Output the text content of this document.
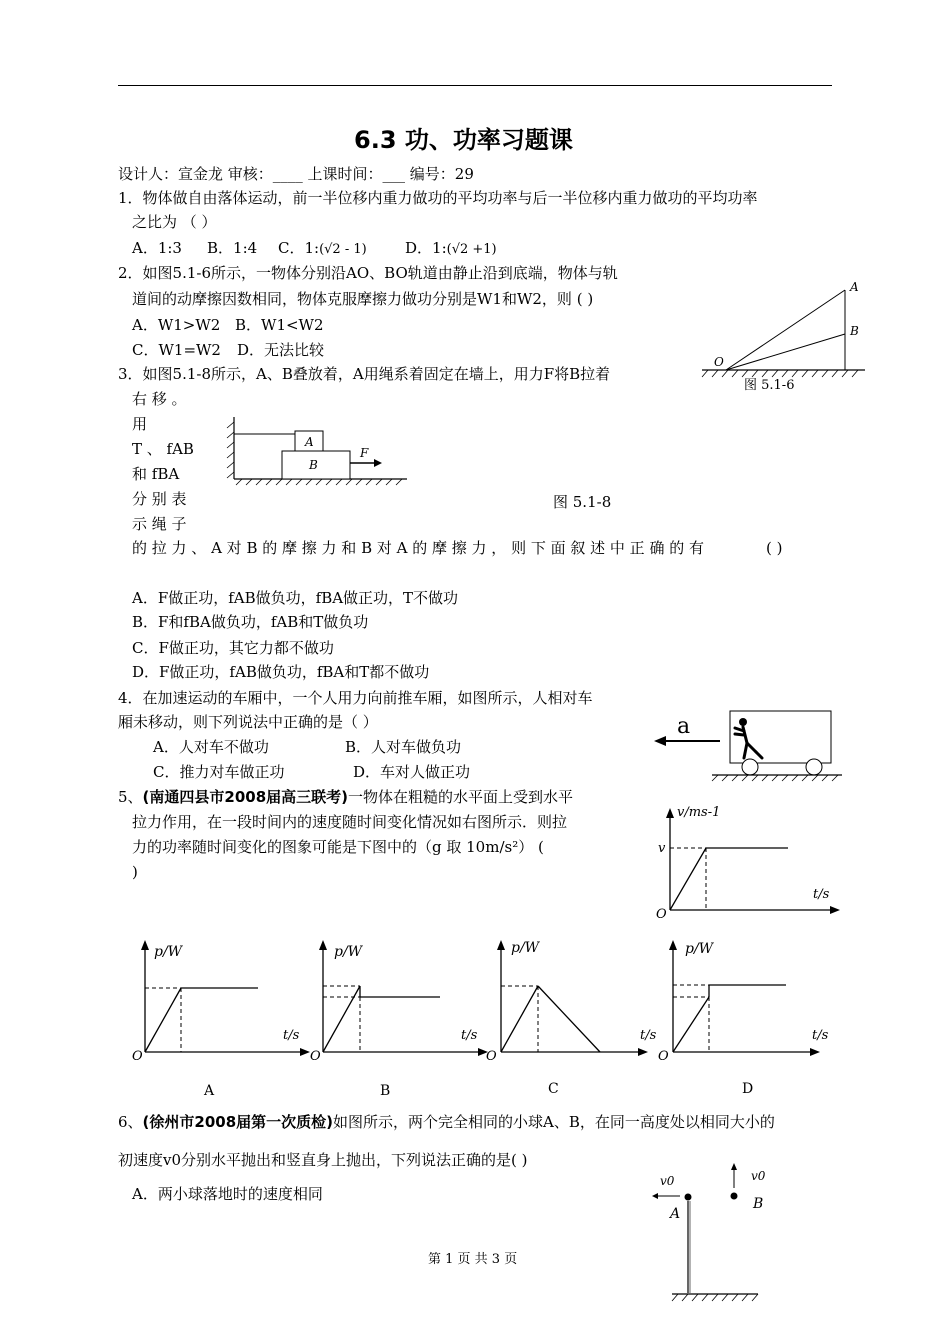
6.3 功、功率习题课
设计人：宣金龙 审核：____ 上课时间：___ 编号：29
1．物体做自由落体运动，前一半位移内重力做功的平均功率与后一半位移内重力做功的平均功率
之比为 （ ）
A．1:3 B．1:4 C．1:(√2 - 1)	D．1:(√2 +1)
2．如图5.1-6所示，一物体分别沿AO、BO轨道由静止沿到底端，物体与轨
道间的动摩擦因数相同，物体克服摩擦力做功分别是W1和W2，则 ( )
A．W1>W2 B．W1<W2
C．W1=W2 D．无法比较
A
B
O
图 5.1-6
3．如图5.1-8所示，A、B叠放着，A用绳系着固定在墙上，用力F将B拉着
右 移 。
用
T 、 fAB
和 fBA
分 别 表
示 绳 子
的 拉 力 、 A 对 B 的 摩 擦 力 和 B 对 A 的 摩 擦 力 ， 则 下 面 叙 述 中 正 确 的 有	( )
图 5.1-8
A
B
F
A．F做正功，fAB做负功，fBA做正功，T不做功
B．F和fBA做负功，fAB和T做负功
C．F做正功，其它力都不做功
D．F做正功，fAB做负功，fBA和T都不做功
4．在加速运动的车厢中，一个人用力向前推车厢，如图所示，人相对车
厢未移动，则下列说法中正确的是（ ）
A．人对车不做功	B．人对车做负功
C．推力对车做正功	D．车对人做正功
a
5、(南通四县市2008届高三联考)一物体在粗糙的水平面上受到水平
拉力作用，在一段时间内的速度随时间变化情况如右图所示．则拉
力的功率随时间变化的图象可能是下图中的（g 取 10m/s²） (
)
v/ms-1
v
t/s
O
p/W
t/s
O
A
p/W
t/s
O
B
p/W
t/s
O
C
p/W
t/s
O
D
6、(徐州市2008届第一次质检)如图所示，两个完全相同的小球A、B，在同一高度处以相同大小的
初速度v0分别水平抛出和竖直身上抛出，下列说法正确的是( )
A．两小球落地时的速度相同
v0
A
v0
B
第 1 页 共 3 页
